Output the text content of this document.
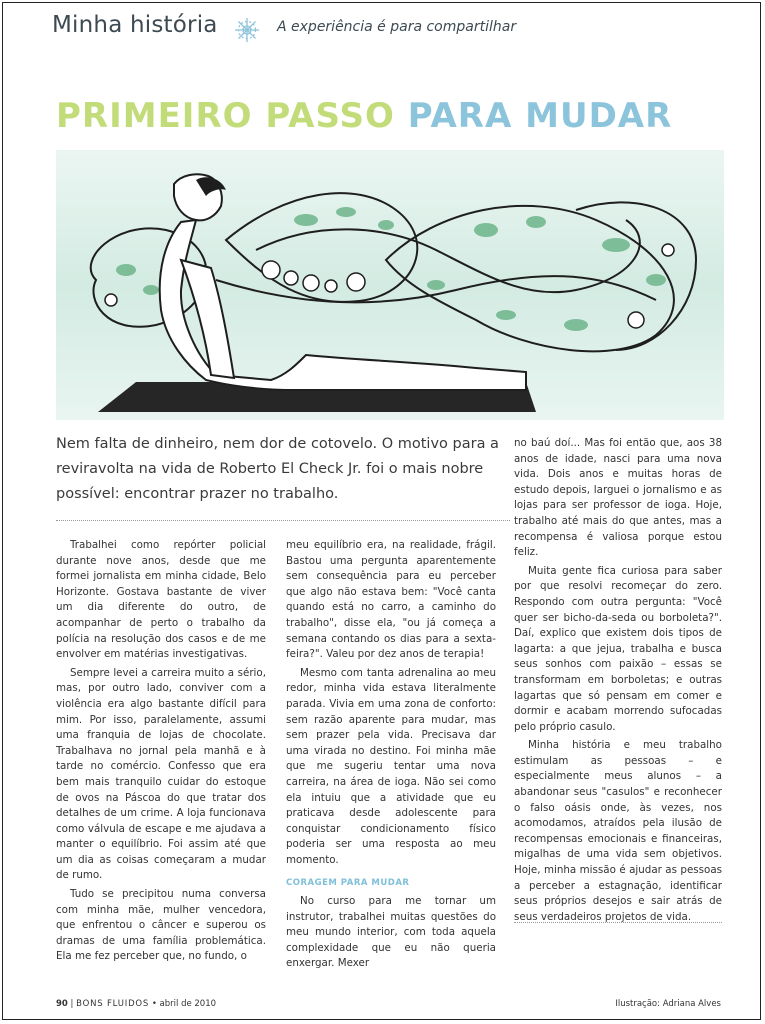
Minha história	A experiência é para compartilhar
PRIMEIRO PASSO PARA MUDAR
Nem falta de dinheiro, nem dor de cotovelo. O motivo para a reviravolta na vida de Roberto El Check Jr. foi o mais nobre possível: encontrar prazer no trabalho.

Trabalhei como repórter policial durante nove anos, desde que me formei jornalista em minha cidade, Belo Horizonte. Gostava bastante de viver um dia diferente do outro, de acompanhar de perto o trabalho da polícia na resolução dos casos e de me envolver em matérias investigativas.

Sempre levei a carreira muito a sério, mas, por outro lado, conviver com a violência era algo bastante difícil para mim. Por isso, paralelamente, assumi uma franquia de lojas de chocolate. Trabalhava no jornal pela manhã e à tarde no comércio. Confesso que era bem mais tranquilo cuidar do estoque de ovos na Páscoa do que tratar dos detalhes de um crime. A loja funcionava como válvula de escape e me ajudava a manter o equilíbrio. Foi assim até que um dia as coisas começaram a mudar de rumo.

Tudo se precipitou numa conversa com minha mãe, mulher vencedora, que enfrentou o câncer e superou os dramas de uma família problemática. Ela me fez perceber que, no fundo, o

meu equilíbrio era, na realidade, frágil. Bastou uma pergunta aparentemente sem consequência para eu perceber que algo não estava bem: "Você canta quando está no carro, a caminho do trabalho", disse ela, "ou já começa a semana contando os dias para a sexta-feira?". Valeu por dez anos de terapia!

Mesmo com tanta adrenalina ao meu redor, minha vida estava literalmente parada. Vivia em uma zona de conforto: sem razão aparente para mudar, mas sem prazer pela vida. Precisava dar uma virada no destino. Foi minha mãe que me sugeriu tentar uma nova carreira, na área de ioga. Não sei como ela intuiu que a atividade que eu praticava desde adolescente para conquistar condicionamento físico poderia ser uma resposta ao meu momento.

CORAGEM PARA MUDAR

No curso para me tornar um instrutor, trabalhei muitas questões do meu mundo interior, com toda aquela complexidade que eu não queria enxergar. Mexer

no baú doí... Mas foi então que, aos 38 anos de idade, nasci para uma nova vida. Dois anos e muitas horas de estudo depois, larguei o jornalismo e as lojas para ser professor de ioga. Hoje, trabalho até mais do que antes, mas a recompensa é valiosa porque estou feliz.

Muita gente fica curiosa para saber por que resolvi recomeçar do zero. Respondo com outra pergunta: "Você quer ser bicho-da-seda ou borboleta?". Daí, explico que existem dois tipos de lagarta: a que jejua, trabalha e busca seus sonhos com paixão – essas se transformam em borboletas; e outras lagartas que só pensam em comer e dormir e acabam morrendo sufocadas pelo próprio casulo.

Minha história e meu trabalho estimulam as pessoas – e especialmente meus alunos – a abandonar seus "casulos" e reconhecer o falso oásis onde, às vezes, nos acomodamos, atraídos pela ilusão de recompensas emocionais e financeiras, migalhas de uma vida sem objetivos. Hoje, minha missão é ajudar as pessoas a perceber a estagnação, identificar seus próprios desejos e sair atrás de seus verdadeiros projetos de vida.

90 | BONS FLUIDOS • abril de 2010	Ilustração: Adriana Alves
